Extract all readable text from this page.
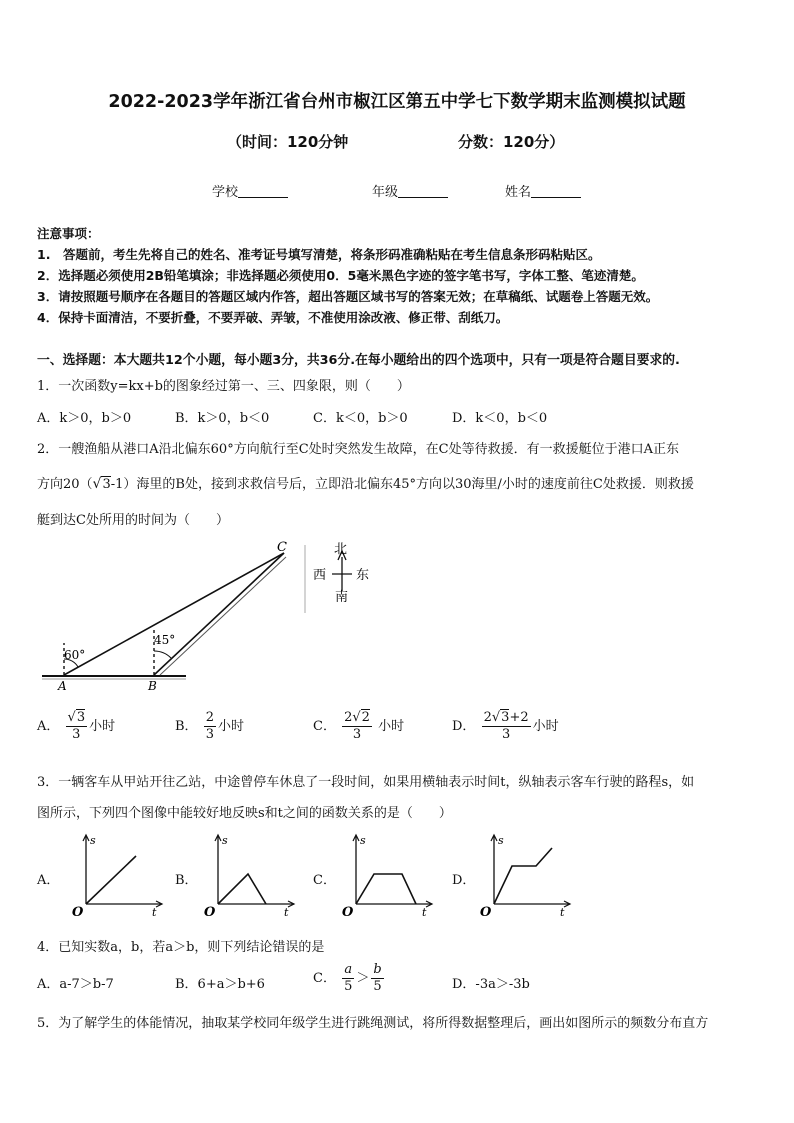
2022-2023学年浙江省台州市椒江区第五中学七下数学期末监测模拟试题
（时间：120分钟	分数：120分）
学校	年级	姓名
注意事项：
1.　答题前，考生先将自己的姓名、准考证号填写清楚，将条形码准确粘贴在考生信息条形码粘贴区。
2．选择题必须使用2B铅笔填涂；非选择题必须使用0．5毫米黑色字迹的签字笔书写，字体工整、笔迹清楚。
3．请按照题号顺序在各题目的答题区域内作答，超出答题区域书写的答案无效；在草稿纸、试题卷上答题无效。
4．保持卡面清洁，不要折叠，不要弄破、弄皱，不准使用涂改液、修正带、刮纸刀。
一、选择题：本大题共12个小题，每小题3分，共36分.在每小题给出的四个选项中，只有一项是符合题目要求的.
1．一次函数y=kx+b的图象经过第一、三、四象限，则（　　）
A．k＞0，b＞0	B．k＞0，b＜0	C．k＜0，b＞0	D．k＜0，b＜0
2．一艘渔船从港口A沿北偏东60°方向航行至C处时突然发生故障，在C处等待救援．有一救援艇位于港口A正东
方向20（√3-1）海里的B处，接到求救信号后，立即沿北偏东45°方向以30海里/小时的速度前往C处救援．则救援
艇到达C处所用的时间为（　　）
C
A	B
60°
45°
北
西 东
南
A． $\frac{√3}{3}$ 小时	B． $\frac{2}{3}$ 小时	C． $\frac{2√2}{3}$ 小时	D． $\frac{2√3+2}{3}$ 小时
3．一辆客车从甲站开往乙站，中途曾停车休息了一段时间，如果用横轴表示时间t，纵轴表示客车行驶的路程s，如
图所示，下列四个图像中能较好地反映s和t之间的函数关系的是（　　）
A．	B．	C．	D．
s
t
O
s
t
O
s
t
O
s
t
O
4．已知实数a，b，若a＞b，则下列结论错误的是
A．a-7＞b-7	B．6+a＞b+6	C． $\frac{a}{5} > \frac{b}{5}$	D．-3a＞-3b
5．为了解学生的体能情况，抽取某学校同年级学生进行跳绳测试，将所得数据整理后，画出如图所示的频数分布直方
